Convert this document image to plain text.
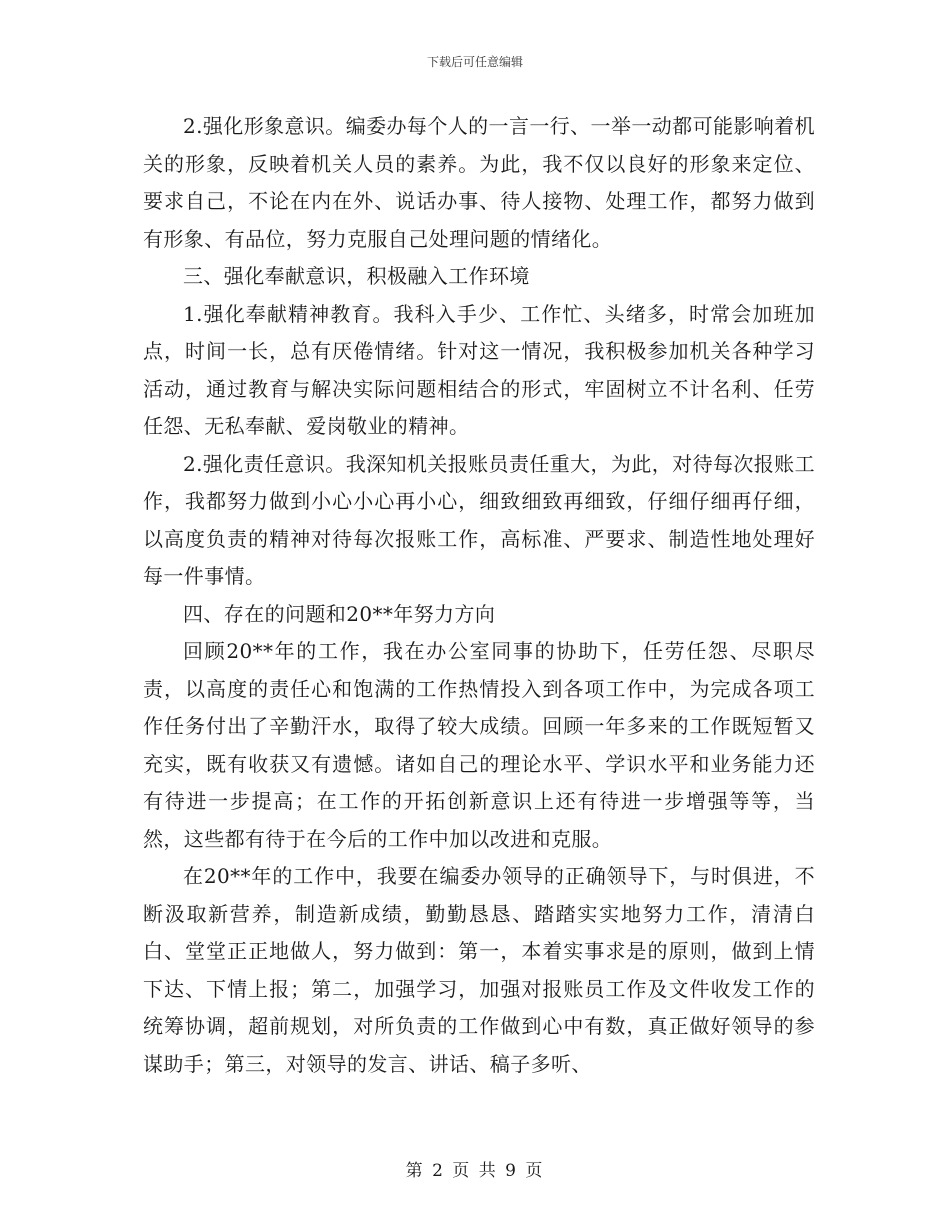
下载后可任意编辑

2.强化形象意识。编委办每个人的一言一行、一举一动都可能影响着机关的形象，反映着机关人员的素养。为此，我不仅以良好的形象来定位、要求自己，不论在内在外、说话办事、待人接物、处理工作，都努力做到有形象、有品位，努力克服自己处理问题的情绪化。

三、强化奉献意识，积极融入工作环境

1.强化奉献精神教育。我科入手少、工作忙、头绪多，时常会加班加点，时间一长，总有厌倦情绪。针对这一情况，我积极参加机关各种学习活动，通过教育与解决实际问题相结合的形式，牢固树立不计名利、任劳任怨、无私奉献、爱岗敬业的精神。

2.强化责任意识。我深知机关报账员责任重大，为此，对待每次报账工作，我都努力做到小心小心再小心，细致细致再细致，仔细仔细再仔细，以高度负责的精神对待每次报账工作，高标准、严要求、制造性地处理好每一件事情。

四、存在的问题和20**年努力方向

回顾20**年的工作，我在办公室同事的协助下，任劳任怨、尽职尽责，以高度的责任心和饱满的工作热情投入到各项工作中，为完成各项工作任务付出了辛勤汗水，取得了较大成绩。回顾一年多来的工作既短暂又充实，既有收获又有遗憾。诸如自己的理论水平、学识水平和业务能力还有待进一步提高；在工作的开拓创新意识上还有待进一步增强等等，当然，这些都有待于在今后的工作中加以改进和克服。

在20**年的工作中，我要在编委办领导的正确领导下，与时俱进，不断汲取新营养，制造新成绩，勤勤恳恳、踏踏实实地努力工作，清清白白、堂堂正正地做人，努力做到：第一，本着实事求是的原则，做到上情下达、下情上报；第二，加强学习，加强对报账员工作及文件收发工作的统筹协调，超前规划，对所负责的工作做到心中有数，真正做好领导的参谋助手；第三，对领导的发言、讲话、稿子多听、

第 2 页 共 9 页
